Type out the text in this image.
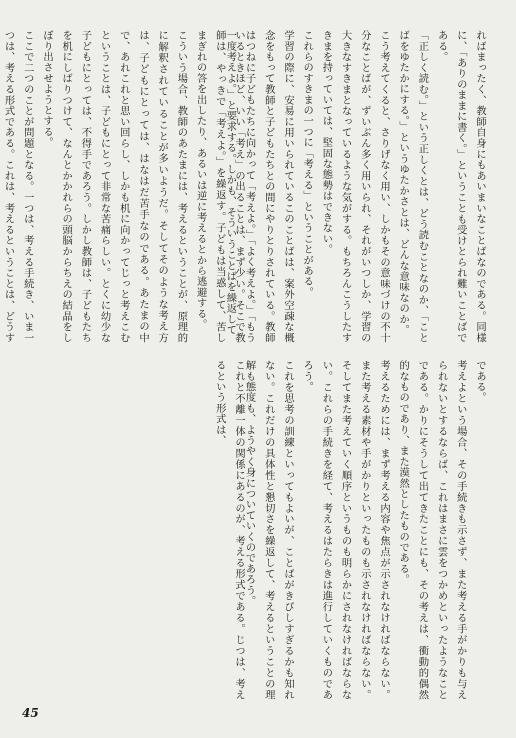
ればまったく、教師自身にもあいまいなことばなのである。同様に、「ありのままに書く。」ということも受けとられ難いことばである。

「正しく読む。」という正しくとは、どう読むことなのか、「ことばをゆたかにする。」というゆたかさとは、どんな意味なのか。

こう考えてくると、さりげなく用い、しかもその意味づけの不十分なことばが、ずいぶん多く用いられ、それがいつしか、学習の大きなすきまとなっているような気がする。もちろんこうしたすきまを持っていては、堅固な態勢はできない。

これらのすきまの一つに「考える」ということがある。

学習の際に、安易に用いられているこのことばは、案外空疎な概念をもって教師と子どもたちとの間にやりとりされている。教師はつねに子どもたちに向かって「考えよ。」「よく考えよ。」「もう一度考えよ。」と要求する。しかも、そういうことばを繰返して

いるときほど、いい「考え」の出ることは、まず少い。そこで教師は、やっきで「考えよ。」を繰返す。子どもは当惑して、苦しまぎれの答を出したり、あるいは逆に考えるとから逃避する。

こういう場合、教師のあたまには、考えるということが、原理的に解釈されていることが多いようだ。そしてそのような考え方は、子どもにとっては、はなはだ苦手なのである。あたまの中で、あれこれと思い回らし、しかも机に向かってじっと考えこむということは、子どもにとって非常な苦痛らしい。とくに幼少な子どもにとっては、不得手であろう。しかし教師は、子どもたちを机にしばりつけて、なんとかかれらの頭脳からちえの結晶をしぼり出させようとする。

ここで二つのことが問題となる。一つは、考える手続き、いま一つは、考える形式である。これは、考えるということは、どうす

である。

考えよという場合、その手続きも示さず、また考える手がかりも与えられないとするならば、これはまさに雲をつかめといったようなことである。かりにそうして出てきたことにも、その考えは、衝動的偶然的なものであり、また漠然としたものである。

考えるためには、まず考える内容や焦点が示されなければならない。また考える素材や手がかりといったものも示されなければならない。そしてまた考えていく順序というものも明らかにされなければならない。これらの手続きを経て、考えるはたらきは進行していくものであろう。

これを思考の訓練といってもよいが、ことばがきびしすぎるかも知れない。これだけの具体性と懇切さを繰返して、考えるということの理解も態度も、ようやく身についていくのであろう。

これと不離一体の関係にあるのが、考える形式である。じつは、考えるという形式は、

45
